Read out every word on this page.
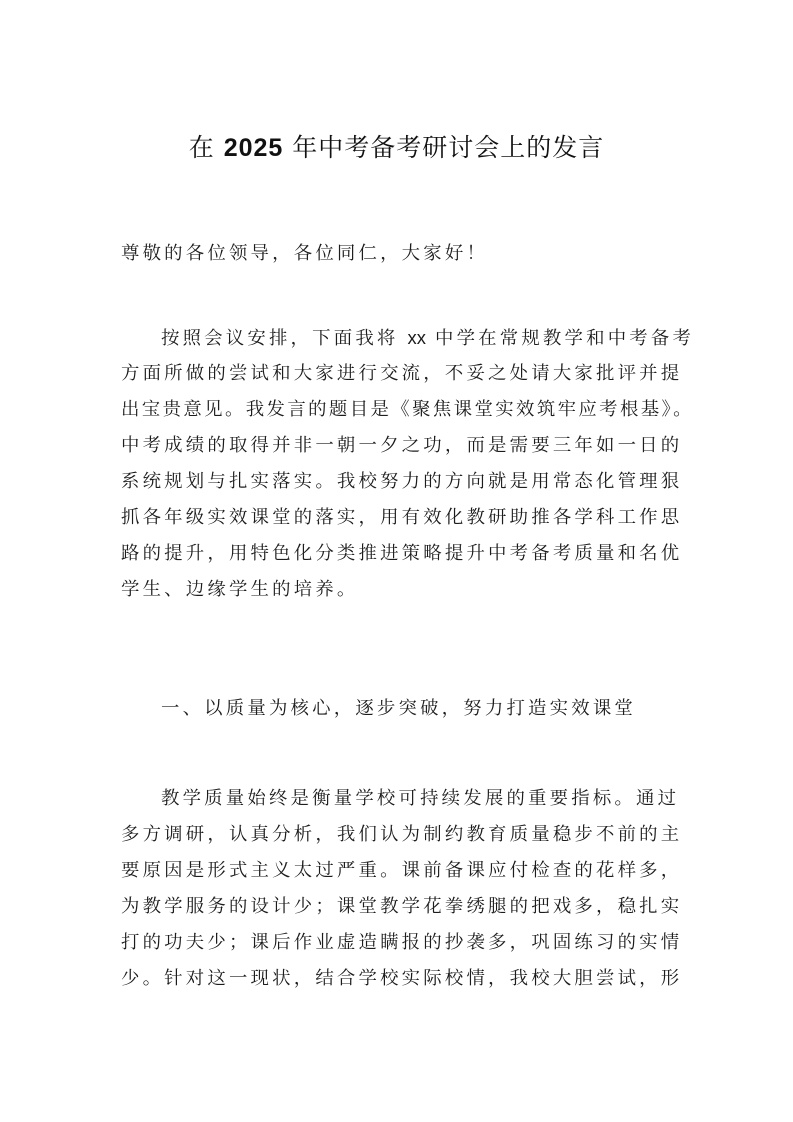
在 2025 年中考备考研讨会上的发言
尊敬的各位领导，各位同仁，大家好！
按照会议安排，下面我将 xx 中学在常规教学和中考备考
方面所做的尝试和大家进行交流，不妥之处请大家批评并提
出宝贵意见。我发言的题目是《聚焦课堂实效筑牢应考根基》。
中考成绩的取得并非一朝一夕之功，而是需要三年如一日的
系统规划与扎实落实。我校努力的方向就是用常态化管理狠
抓各年级实效课堂的落实，用有效化教研助推各学科工作思
路的提升，用特色化分类推进策略提升中考备考质量和名优
学生、边缘学生的培养。
一、以质量为核心，逐步突破，努力打造实效课堂
教学质量始终是衡量学校可持续发展的重要指标。通过
多方调研，认真分析，我们认为制约教育质量稳步不前的主
要原因是形式主义太过严重。课前备课应付检查的花样多，
为教学服务的设计少；课堂教学花拳绣腿的把戏多，稳扎实
打的功夫少；课后作业虚造瞒报的抄袭多，巩固练习的实情
少。针对这一现状，结合学校实际校情，我校大胆尝试，形
